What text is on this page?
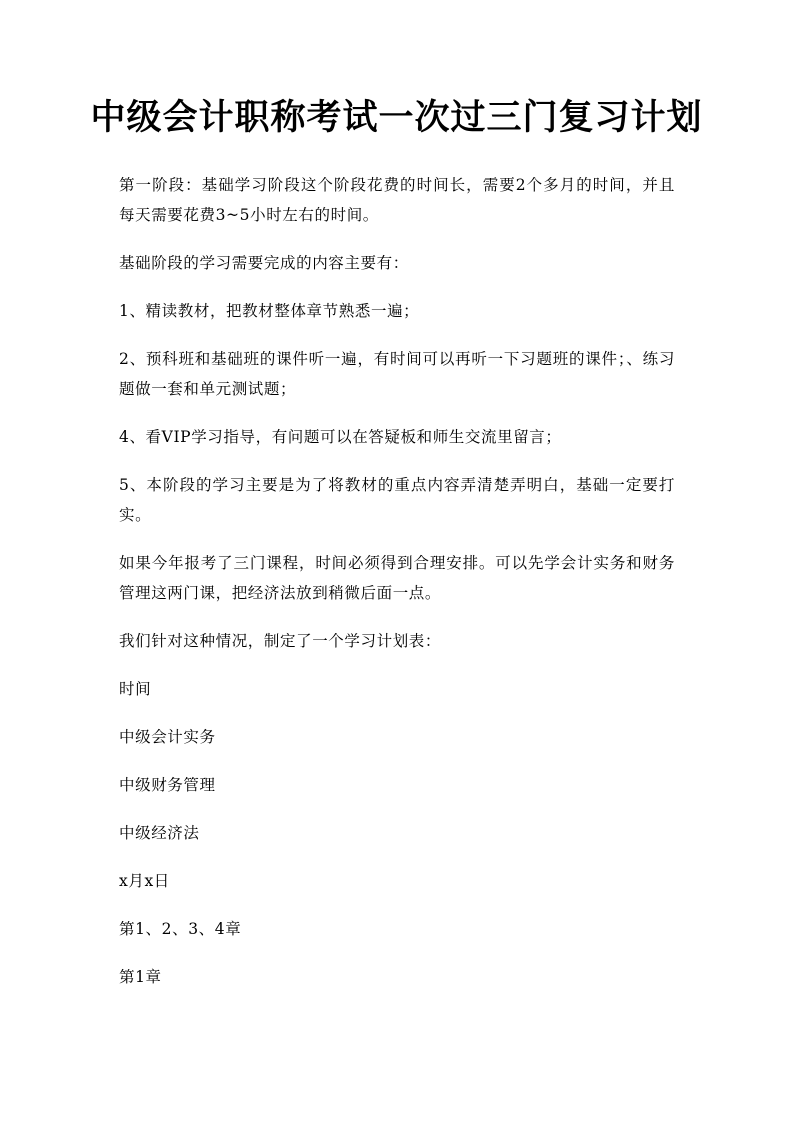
中级会计职称考试一次过三门复习计划

第一阶段：基础学习阶段这个阶段花费的时间长，需要2个多月的时间，并且每天需要花费3~5小时左右的时间。

基础阶段的学习需要完成的内容主要有：

1、精读教材，把教材整体章节熟悉一遍；

2、预科班和基础班的课件听一遍，有时间可以再听一下习题班的课件；、练习题做一套和单元测试题；

4、看VIP学习指导，有问题可以在答疑板和师生交流里留言；

5、本阶段的学习主要是为了将教材的重点内容弄清楚弄明白，基础一定要打实。

如果今年报考了三门课程，时间必须得到合理安排。可以先学会计实务和财务管理这两门课，把经济法放到稍微后面一点。

我们针对这种情况，制定了一个学习计划表：

时间

中级会计实务

中级财务管理

中级经济法

x月x日

第1、2、3、4章

第1章
